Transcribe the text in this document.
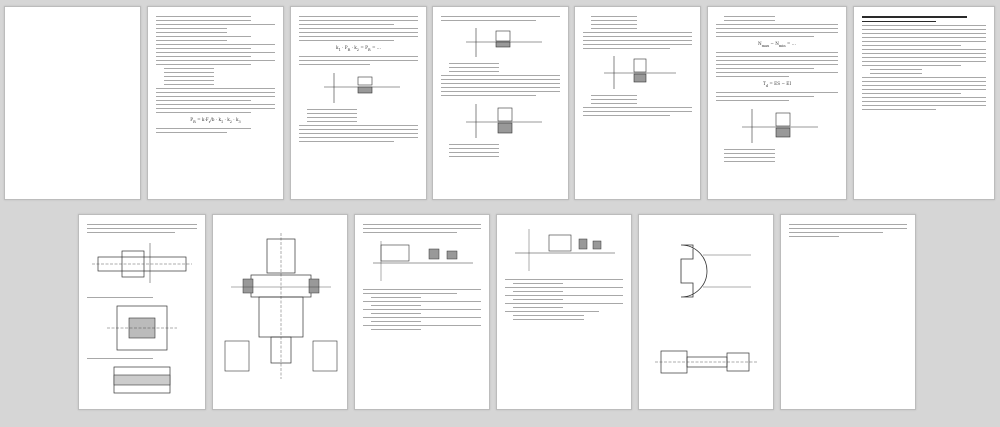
$P_R = k\cdot F_r/b \cdot k_1 \cdot k_2 \cdot k_3$
$k_1 \cdot P_R \cdot k_2 = P_R$ = …
$N_{max} - N_{min}$ = …
$T_d$ = ES − EI
